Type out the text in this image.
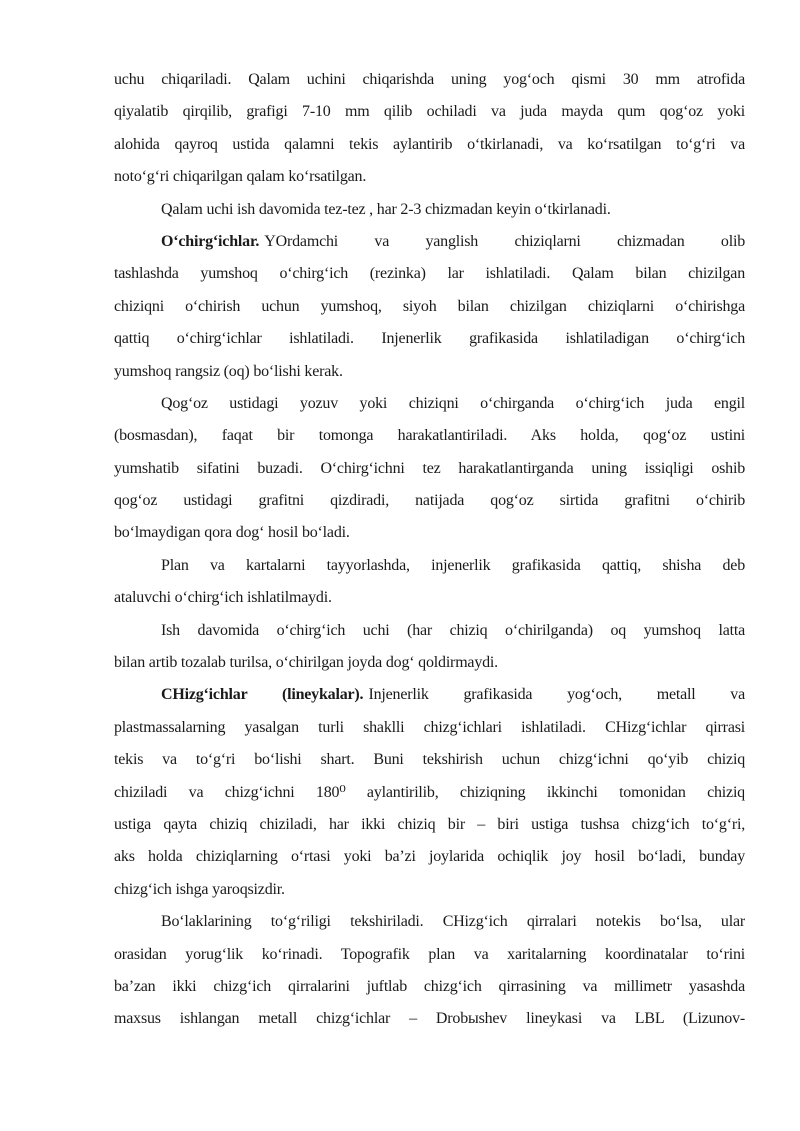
uchu chiqariladi. Qalam uchini chiqarishda uning yog‘och qismi 30 mm atrofida
qiyalatib qirqilib, grafigi 7-10 mm qilib ochiladi va juda mayda qum qog‘oz yoki
alohida qayroq ustida qalamni tekis aylantirib o‘tkirlanadi, va ko‘rsatilgan to‘g‘ri va
noto‘g‘ri chiqarilgan qalam ko‘rsatilgan.
Qalam uchi ish davomida tez-tez , har 2-3 chizmadan keyin o‘tkirlanadi.
O‘chirg‘ichlar. YOrdamchi va yanglish chiziqlarni chizmadan olib
tashlashda yumshoq o‘chirg‘ich (rezinka) lar ishlatiladi. Qalam bilan chizilgan
chiziqni o‘chirish uchun yumshoq, siyoh bilan chizilgan chiziqlarni o‘chirishga
qattiq o‘chirg‘ichlar ishlatiladi. Injenerlik grafikasida ishlatiladigan o‘chirg‘ich
yumshoq rangsiz (oq) bo‘lishi kerak.
Qog‘oz ustidagi yozuv yoki chiziqni o‘chirganda o‘chirg‘ich juda engil
(bosmasdan), faqat bir tomonga harakatlantiriladi. Aks holda, qog‘oz ustini
yumshatib sifatini buzadi. O‘chirg‘ichni tez harakatlantirganda uning issiqligi oshib
qog‘oz ustidagi grafitni qizdiradi, natijada qog‘oz sirtida grafitni o‘chirib
bo‘lmaydigan qora dog‘ hosil bo‘ladi.
Plan va kartalarni tayyorlashda, injenerlik grafikasida qattiq, shisha deb
ataluvchi o‘chirg‘ich ishlatilmaydi.
Ish davomida o‘chirg‘ich uchi (har chiziq o‘chirilganda) oq yumshoq latta
bilan artib tozalab turilsa, o‘chirilgan joyda dog‘ qoldirmaydi.
CHizg‘ichlar (lineykalar). Injenerlik grafikasida yog‘och, metall va
plastmassalarning yasalgan turli shaklli chizg‘ichlari ishlatiladi. CHizg‘ichlar qirrasi
tekis va to‘g‘ri bo‘lishi shart. Buni tekshirish uchun chizg‘ichni qo‘yib chiziq
chiziladi va chizg‘ichni 180⁰ aylantirilib, chiziqning ikkinchi tomonidan chiziq
ustiga qayta chiziq chiziladi, har ikki chiziq bir – biri ustiga tushsa chizg‘ich to‘g‘ri,
aks holda chiziqlarning o‘rtasi yoki ba’zi joylarida ochiqlik joy hosil bo‘ladi, bunday
chizg‘ich ishga yaroqsizdir.
Bo‘laklarining to‘g‘riligi tekshiriladi. CHizg‘ich qirralari notekis bo‘lsa, ular
orasidan yorug‘lik ko‘rinadi. Topografik plan va xaritalarning koordinatalar to‘rini
ba’zan ikki chizg‘ich qirralarini juftlab chizg‘ich qirrasining va millimetr yasashda
maxsus ishlangan metall chizg‘ichlar – Drobыshev lineykasi va LBL (Lizunov-
